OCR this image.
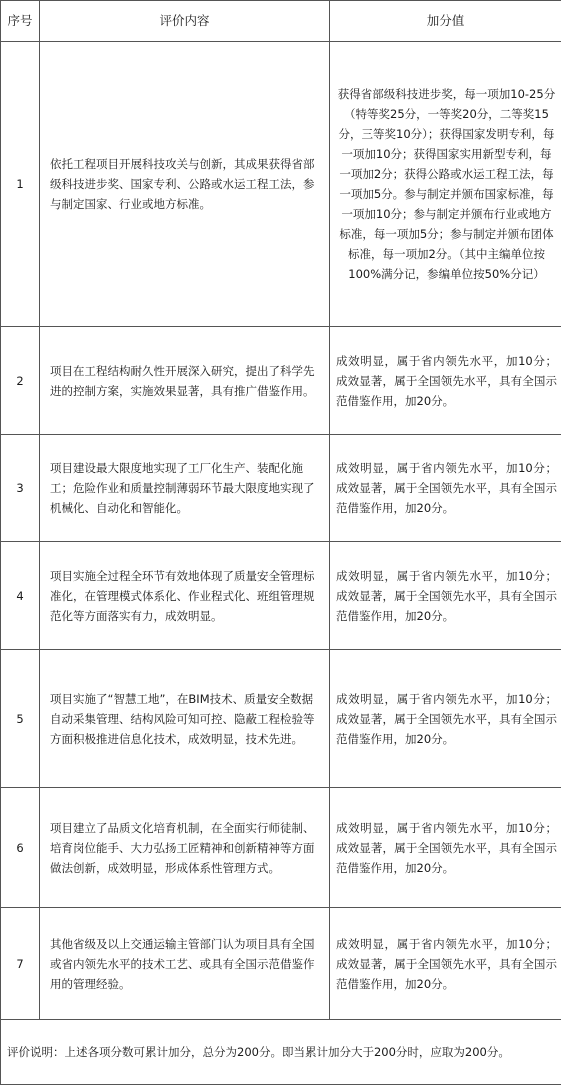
序号	评价内容	加分值
1	依托工程项目开展科技攻关与创新，其成果获得省部级科技进步奖、国家专利、公路或水运工程工法，参与制定国家、行业或地方标准。	获得省部级科技进步奖，每一项加10-25分（特等奖25分，一等奖20分，二等奖15分，三等奖10分）；获得国家发明专利，每一项加10分；获得国家实用新型专利，每一项加2分；获得公路或水运工程工法，每一项加5分。参与制定并颁布国家标准，每一项加10分；参与制定并颁布行业或地方标准，每一项加5分；参与制定并颁布团体标准，每一项加2分。（其中主编单位按100%满分记，参编单位按50%分记）
2	项目在工程结构耐久性开展深入研究，提出了科学先进的控制方案，实施效果显著，具有推广借鉴作用。	成效明显，属于省内领先水平，加10分；成效显著，属于全国领先水平，具有全国示范借鉴作用，加20分。
3	项目建设最大限度地实现了工厂化生产、装配化施工；危险作业和质量控制薄弱环节最大限度地实现了机械化、自动化和智能化。	成效明显，属于省内领先水平，加10分；成效显著，属于全国领先水平，具有全国示范借鉴作用，加20分。
4	项目实施全过程全环节有效地体现了质量安全管理标准化，在管理模式体系化、作业程式化、班组管理规范化等方面落实有力，成效明显。	成效明显，属于省内领先水平，加10分；成效显著，属于全国领先水平，具有全国示范借鉴作用，加20分。
5	项目实施了“智慧工地”，在BIM技术、质量安全数据自动采集管理、结构风险可知可控、隐蔽工程检验等方面积极推进信息化技术，成效明显，技术先进。	成效明显，属于省内领先水平，加10分；成效显著，属于全国领先水平，具有全国示范借鉴作用，加20分。
6	项目建立了品质文化培育机制，在全面实行师徒制、培育岗位能手、大力弘扬工匠精神和创新精神等方面做法创新，成效明显，形成体系性管理方式。	成效明显，属于省内领先水平，加10分；成效显著，属于全国领先水平，具有全国示范借鉴作用，加20分。
7	其他省级及以上交通运输主管部门认为项目具有全国或省内领先水平的技术工艺、或具有全国示范借鉴作用的管理经验。	成效明显，属于省内领先水平，加10分；成效显著，属于全国领先水平，具有全国示范借鉴作用，加20分。
评价说明：上述各项分数可累计加分，总分为200分。即当累计加分大于200分时，应取为200分。		
